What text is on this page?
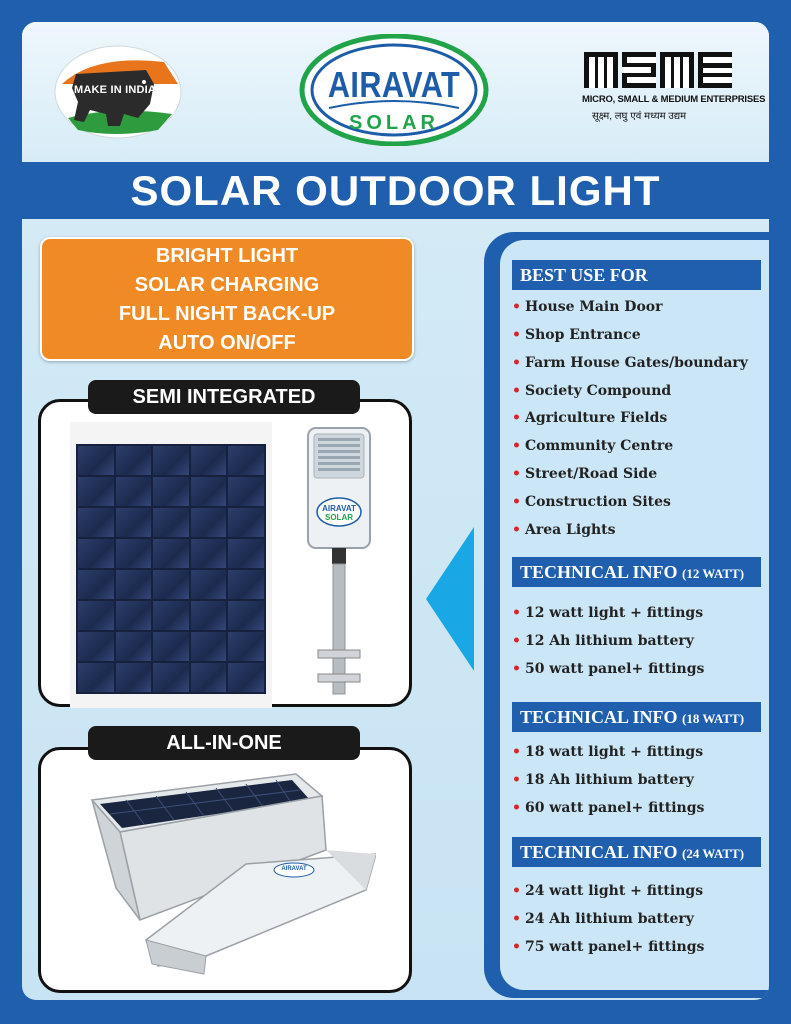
MAKE IN INDIA	AIRAVAT
SOLAR
MICRO, SMALL & MEDIUM ENTERPRISES
सूक्ष्म, लघु एवं मध्यम उद्यम
SOLAR OUTDOOR LIGHT
BRIGHT LIGHT
SOLAR CHARGING
FULL NIGHT BACK-UP
AUTO ON/OFF
SEMI INTEGRATED
AIRAVAT
SOLAR
ALL-IN-ONE
AIRAVAT
BEST USE FOR
• House Main Door
• Shop Entrance
• Farm House Gates/boundary
• Society Compound
• Agriculture Fields
• Community Centre
• Street/Road Side
• Construction Sites
• Area Lights
TECHNICAL INFO (12 WATT)
• 12 watt light + fittings
• 12 Ah lithium battery
• 50 watt panel+ fittings
TECHNICAL INFO (18 WATT)
• 18 watt light + fittings
• 18 Ah lithium battery
• 60 watt panel+ fittings
TECHNICAL INFO (24 WATT)
• 24 watt light + fittings
• 24 Ah lithium battery
• 75 watt panel+ fittings
